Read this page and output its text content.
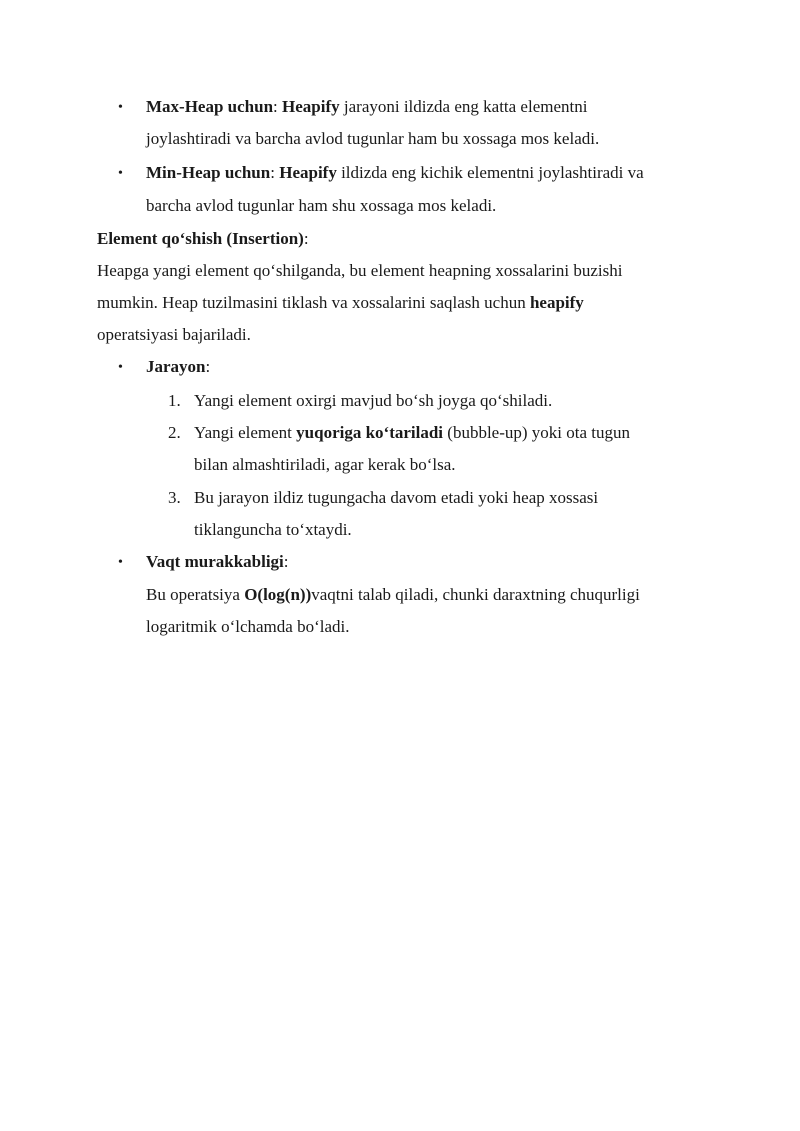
• Max-Heap uchun: Heapify jarayoni ildizda eng katta elementni
joylashtiradi va barcha avlod tugunlar ham bu xossaga mos keladi.
• Min-Heap uchun: Heapify ildizda eng kichik elementni joylashtiradi va
barcha avlod tugunlar ham shu xossaga mos keladi.
Element qo‘shish (Insertion):
Heapga yangi element qo‘shilganda, bu element heapning xossalarini buzishi
mumkin. Heap tuzilmasini tiklash va xossalarini saqlash uchun heapify
operatsiyasi bajariladi.
• Jarayon:
1. Yangi element oxirgi mavjud bo‘sh joyga qo‘shiladi.
2. Yangi element yuqoriga ko‘tariladi (bubble-up) yoki ota tugun
bilan almashtiriladi, agar kerak bo‘lsa.
3. Bu jarayon ildiz tugungacha davom etadi yoki heap xossasi
tiklanguncha to‘xtaydi.
• Vaqt murakkabligi:
Bu operatsiya O(log(n))vaqtni talab qiladi, chunki daraxtning chuqurligi
logaritmik o‘lchamda bo‘ladi.
